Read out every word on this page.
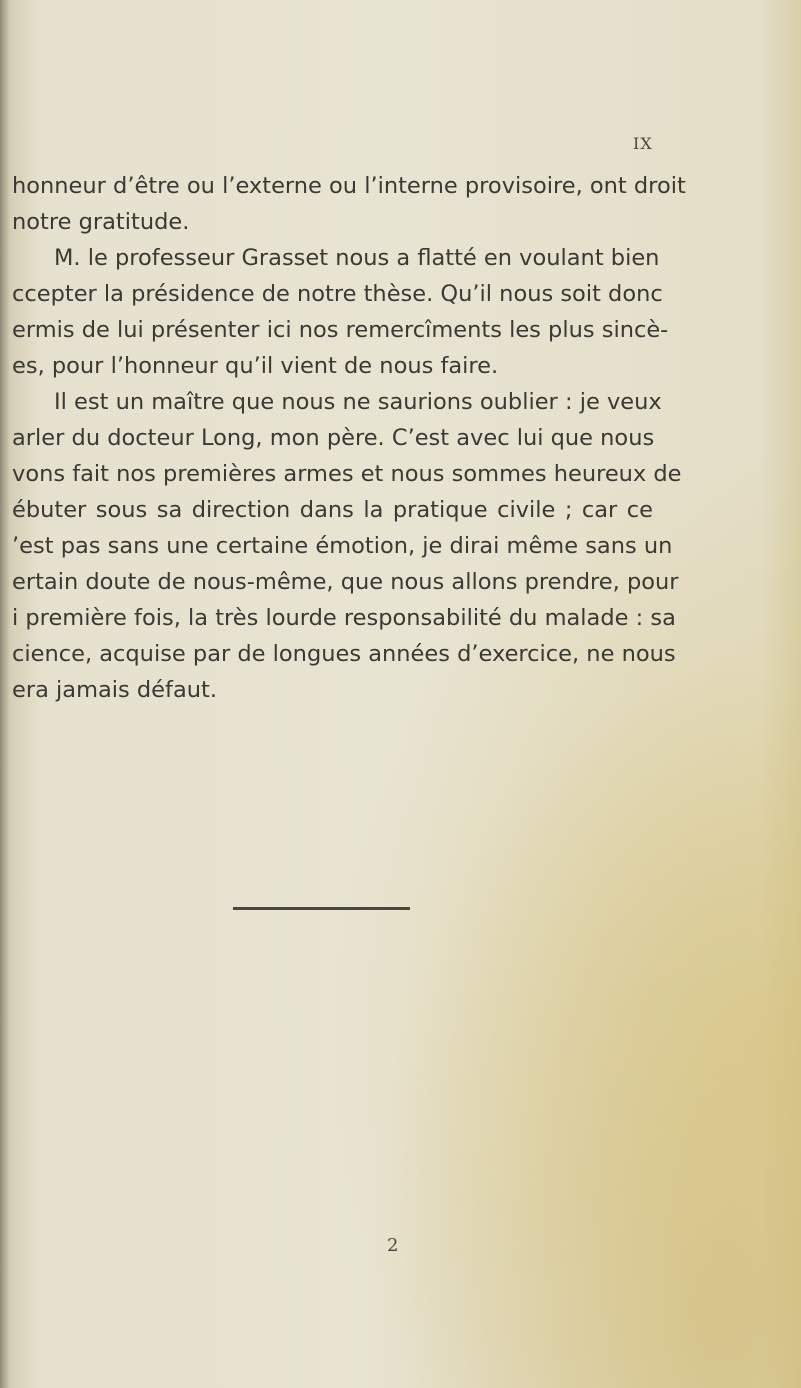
IX
honneur d’être ou l’externe ou l’interne provisoire, ont droit
notre gratitude.
M. le professeur Grasset nous a flatté en voulant bien
ccepter la présidence de notre thèse. Qu’il nous soit donc
ermis de lui présenter ici nos remercîments les plus sincè-
es, pour l’honneur qu’il vient de nous faire.
Il est un maître que nous ne saurions oublier : je veux
arler du docteur Long, mon père. C’est avec lui que nous
vons fait nos premières armes et nous sommes heureux de
ébuter sous sa direction dans la pratique civile ; car ce
’est pas sans une certaine émotion, je dirai même sans un
ertain doute de nous-même, que nous allons prendre, pour
i première fois, la très lourde responsabilité du malade : sa
cience, acquise par de longues années d’exercice, ne nous
era jamais défaut.
2
